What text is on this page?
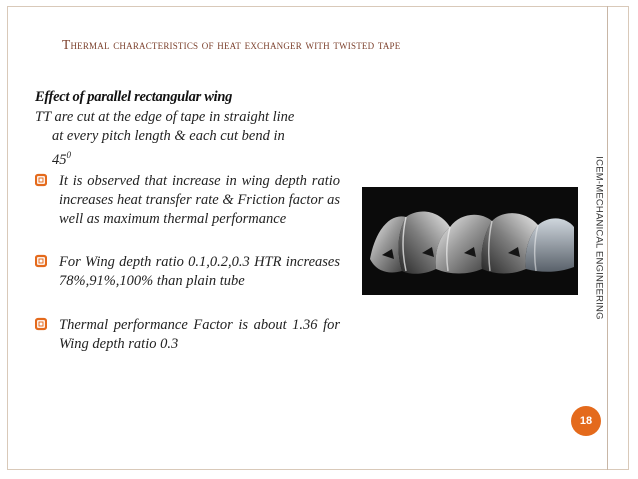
Thermal characteristics of heat exchanger with twisted tape
Effect of parallel rectangular wing
TT are cut at the edge of tape in straight line
at every pitch length & each cut bend in
$45^0$
It is observed that increase in wing depth ratio increases heat transfer rate & Friction factor as well as maximum thermal performance
For Wing depth ratio 0.1,0.2,0.3 HTR increases 78%,91%,100% than plain tube
Thermal performance Factor is about 1.36 for Wing depth ratio 0.3
ICEM-MECHANICAL ENGINEERING
18
